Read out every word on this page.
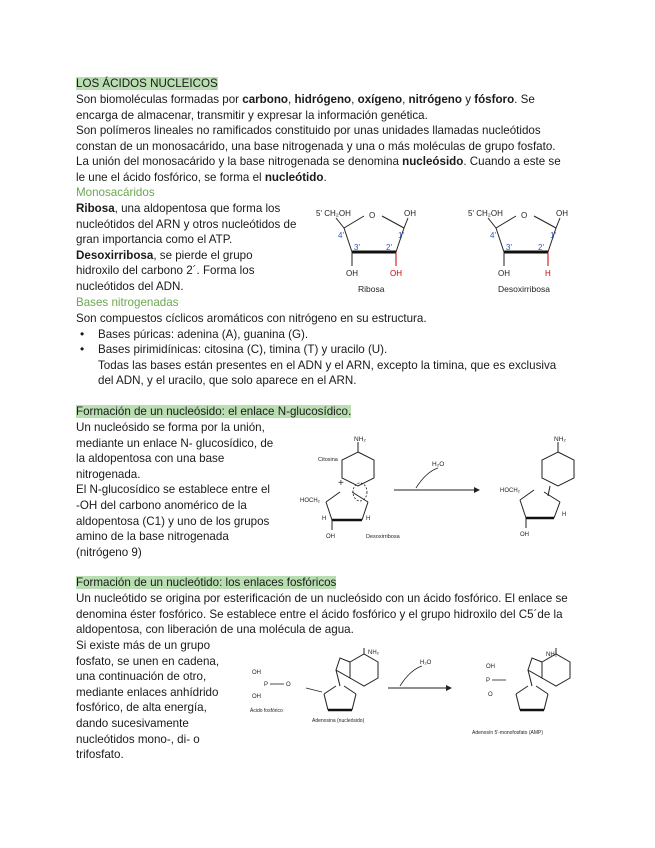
LOS ÁCIDOS NUCLEICOS
Son biomoléculas formadas por carbono, hidrógeno, oxígeno, nitrógeno y fósforo. Se
encarga de almacenar, transmitir y expresar la información genética.
Son polímeros lineales no ramificados constituido por unas unidades llamadas nucleótidos
constan de un monosacárido, una base nitrogenada y una o más moléculas de grupo fosfato.
La unión del monosacárido y la base nitrogenada se denomina nucleósido. Cuando a este se
le une el ácido fosfórico, se forma el nucleótido.
Monosacáridos
Ribosa, una aldopentosa que forma los
nucleótidos del ARN y otros nucleótidos de
gran importancia como el ATP.
Desoxirribosa, se pierde el grupo
hidroxilo del carbono 2´. Forma los
nucleótidos del ADN.
5' CH₂OH O	OH
4'	1'
3'	2'
OH	OH
Ribosa
5' CH₂OH O	OH
4'	1'
3'	2'
OH	H
Desoxirribosa
Bases nitrogenadas
Son compuestos cíclicos aromáticos con nitrógeno en su estructura.
• Bases púricas: adenina (A), guanina (G).
• Bases pirimidínicas: citosina (C), timina (T) y uracilo (U).
Todas las bases están presentes en el ADN y el ARN, excepto la timina, que es exclusiva
del ADN, y el uracilo, que solo aparece en el ARN.
Formación de un nucleósido: el enlace N-glucosídico.
Un nucleósido se forma por la unión,
mediante un enlace N- glucosídico, de
la aldopentosa con una base
nitrogenada.
El N-glucosídico se establece entre el
-OH del carbono anomérico de la
aldopentosa (C1) y uno de los grupos
amino de la base nitrogenada
(nitrógeno 9)
NH₂
Citosina
+
HOCH₂
H	H
OH	Desoxirribosa
H₂O
NH₂
HOCH₂
OH
H
Formación de un nucleótido: los enlaces fosfóricos
Un nucleótido se origina por esterificación de un nucleósido con un ácido fosfórico. El enlace se
denomina éster fosfórico. Se establece entre el ácido fosfórico y el grupo hidroxilo del C5´de la
aldopentosa, con liberación de una molécula de agua.
Si existe más de un grupo
fosfato, se unen en cadena,
una continuación de otro,
mediante enlaces anhídrido
fosfórico, de alta energía,
dando sucesivamente
nucleótidos mono-, di- o
trifosfato.
OH
P	O
OH
Ácido fosfórico
NH₂
Adenosina (nucleósido)
H₂O
OH
P
O
NH₂
Adenosín 5'-monofosfato (AMP)
